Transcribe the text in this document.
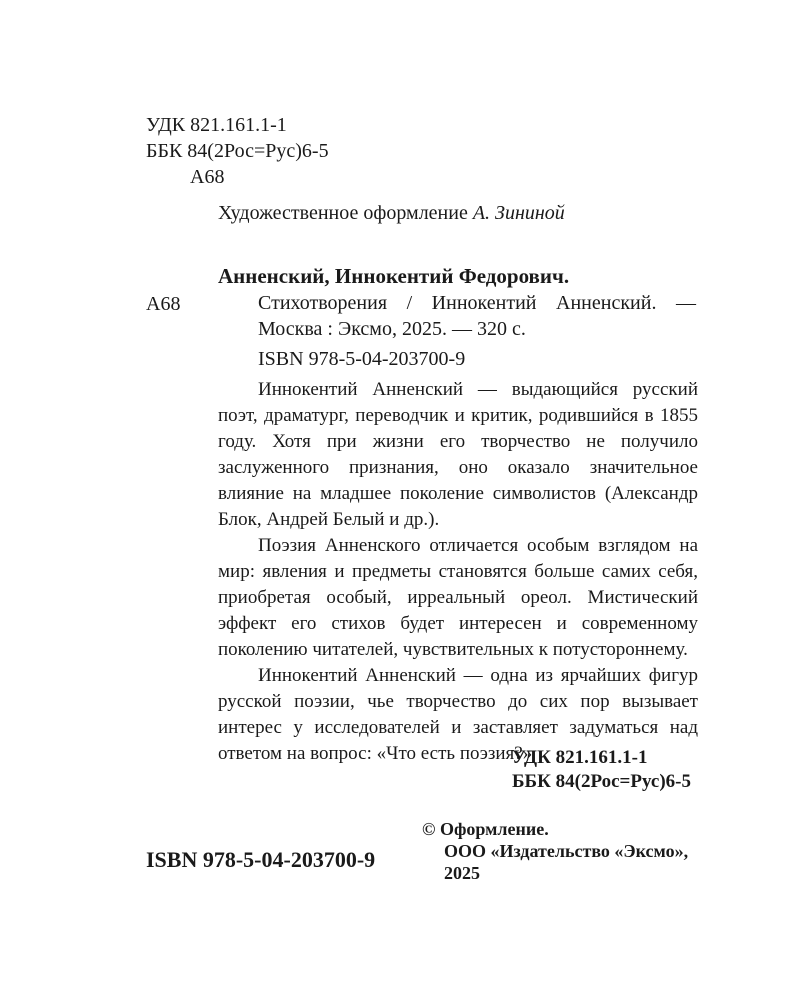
УДК 821.161.1-1
ББК 84(2Рос=Рус)6-5
А68
Художественное оформление А. Зининой
Анненский, Иннокентий Федорович.
А68	Стихотворения / Иннокентий Анненский. — Москва : Эксмо, 2025. — 320 с.
ISBN 978-5-04-203700-9

Иннокентий Анненский — выдающийся русский поэт, драматург, переводчик и критик, родившийся в 1855 году. Хотя при жизни его творчество не получило заслуженного признания, оно оказало значительное влияние на младшее поколение символистов (Александр Блок, Андрей Белый и др.).

Поэзия Анненского отличается особым взглядом на мир: явления и предметы становятся больше самих себя, приобретая особый, ирреальный ореол. Мистический эффект его стихов будет интересен и современному поколению читателей, чувствительных к потустороннему.

Иннокентий Анненский — одна из ярчайших фигур русской поэзии, чье творчество до сих пор вызывает интерес у исследователей и заставляет задуматься над ответом на вопрос: «Что есть поэзия?»

УДК 821.161.1-1
ББК 84(2Рос=Рус)6-5
© Оформление.
ООО «Издательство «Эксмо»,
2025
ISBN 978-5-04-203700-9
